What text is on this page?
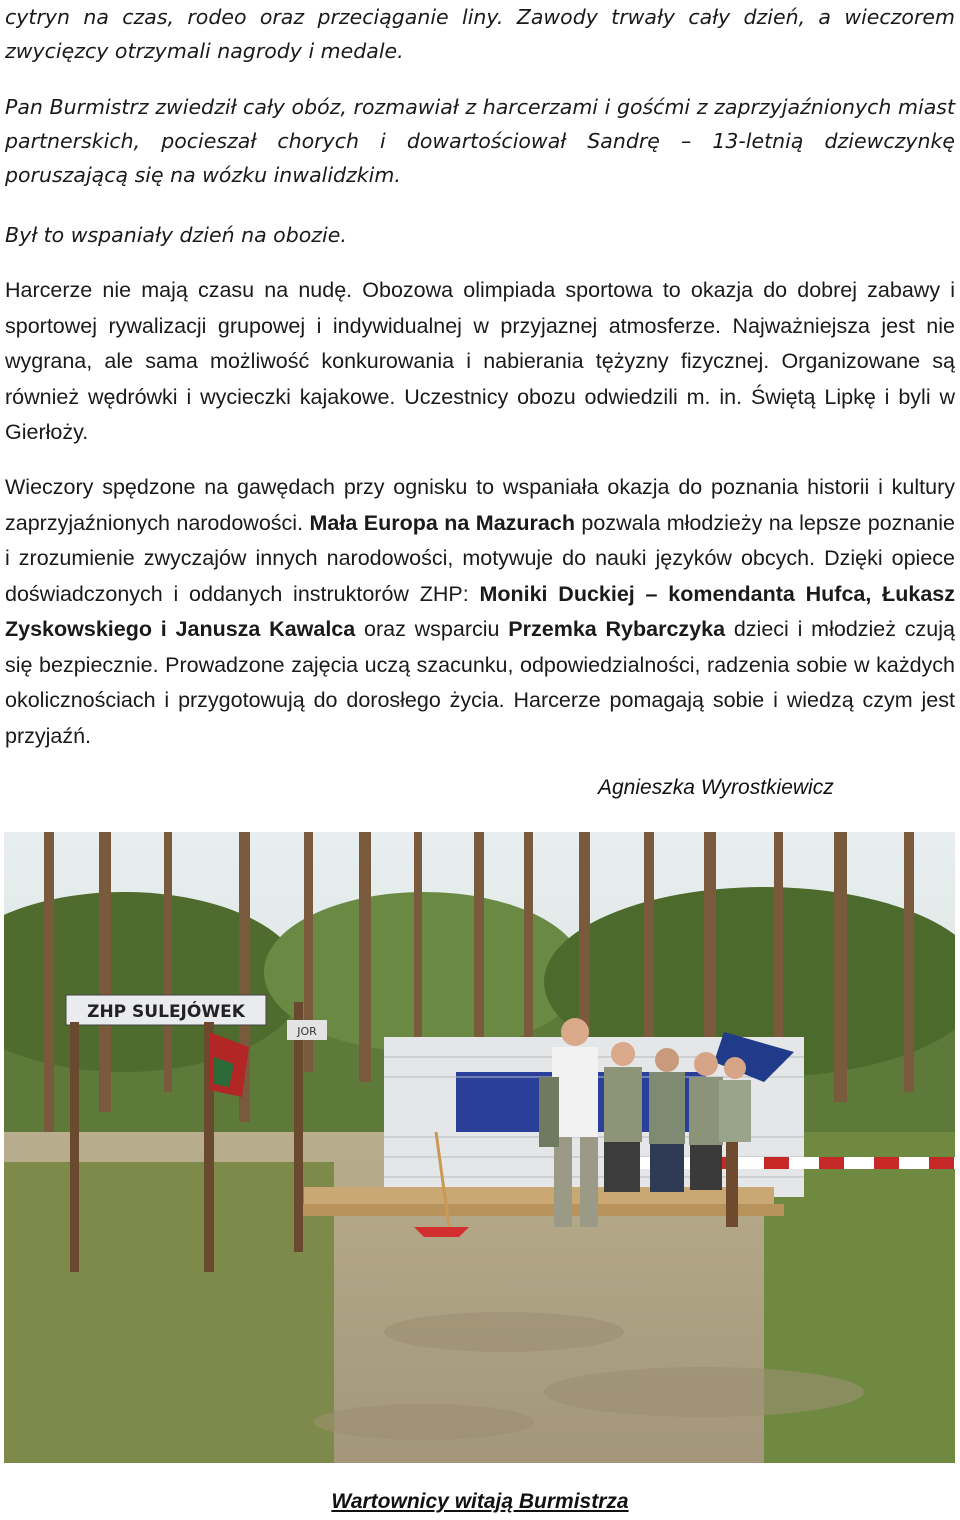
cytryn na czas, rodeo oraz przeciąganie liny. Zawody trwały cały dzień, a wieczorem zwycięzcy otrzymali nagrody i medale.

Pan Burmistrz zwiedził cały obóz, rozmawiał z harcerzami i gośćmi z zaprzyjaźnionych miast partnerskich, pocieszał chorych i dowartościował Sandrę – 13-letnią dziewczynkę poruszającą się na wózku inwalidzkim.

Był to wspaniały dzień na obozie.

Harcerze nie mają czasu na nudę. Obozowa olimpiada sportowa to okazja do dobrej zabawy i sportowej rywalizacji grupowej i indywidualnej w przyjaznej atmosferze. Najważniejsza jest nie wygrana, ale sama możliwość konkurowania i nabierania tężyzny fizycznej. Organizowane są również wędrówki i wycieczki kajakowe. Uczestnicy obozu odwiedzili m. in. Świętą Lipkę i byli w Gierłoży.

Wieczory spędzone na gawędach przy ognisku to wspaniała okazja do poznania historii i kultury zaprzyjaźnionych narodowości. Mała Europa na Mazurach pozwala młodzieży na lepsze poznanie i zrozumienie zwyczajów innych narodowości, motywuje do nauki języków obcych. Dzięki opiece doświadczonych i oddanych instruktorów ZHP: Moniki Duckiej – komendanta Hufca, Łukasz Zyskowskiego i Janusza Kawalca oraz wsparciu Przemka Rybarczyka dzieci i młodzież czują się bezpiecznie. Prowadzone zajęcia uczą szacunku, odpowiedzialności, radzenia sobie w każdych okolicznościach i przygotowują do dorosłego życia. Harcerze pomagają sobie i wiedzą czym jest przyjaźń.

Agnieszka Wyrostkiewicz
ZHP SULEJÓWEK
JOR
Wartownicy witają Burmistrza
